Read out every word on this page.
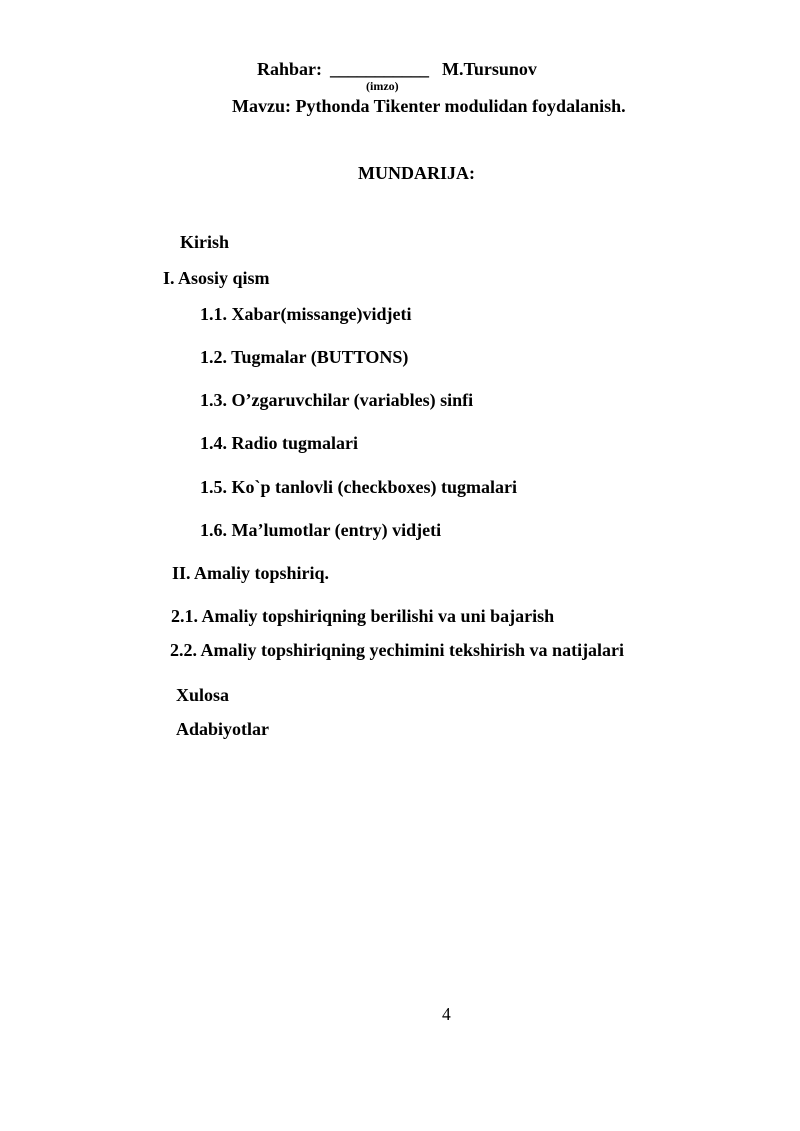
Rahbar: ___________
(imzo)
M.Tursunov
Mavzu: Pythonda Tikenter modulidan foydalanish.
MUNDARIJA:
Kirish
I. Asosiy qism
1.1. Xabar(missange)vidjeti
1.2. Tugmalar (BUTTONS)
1.3. O’zgaruvchilar (variables) sinfi
1.4. Radio tugmalari
1.5. Ko`p tanlovli (checkboxes) tugmalari
1.6. Ma’lumotlar (entry) vidjeti
II. Amaliy topshiriq.
2.1. Amaliy topshiriqning berilishi va uni bajarish
2.2. Amaliy topshiriqning yechimini tekshirish va natijalari
Xulosa
Adabiyotlar
4
